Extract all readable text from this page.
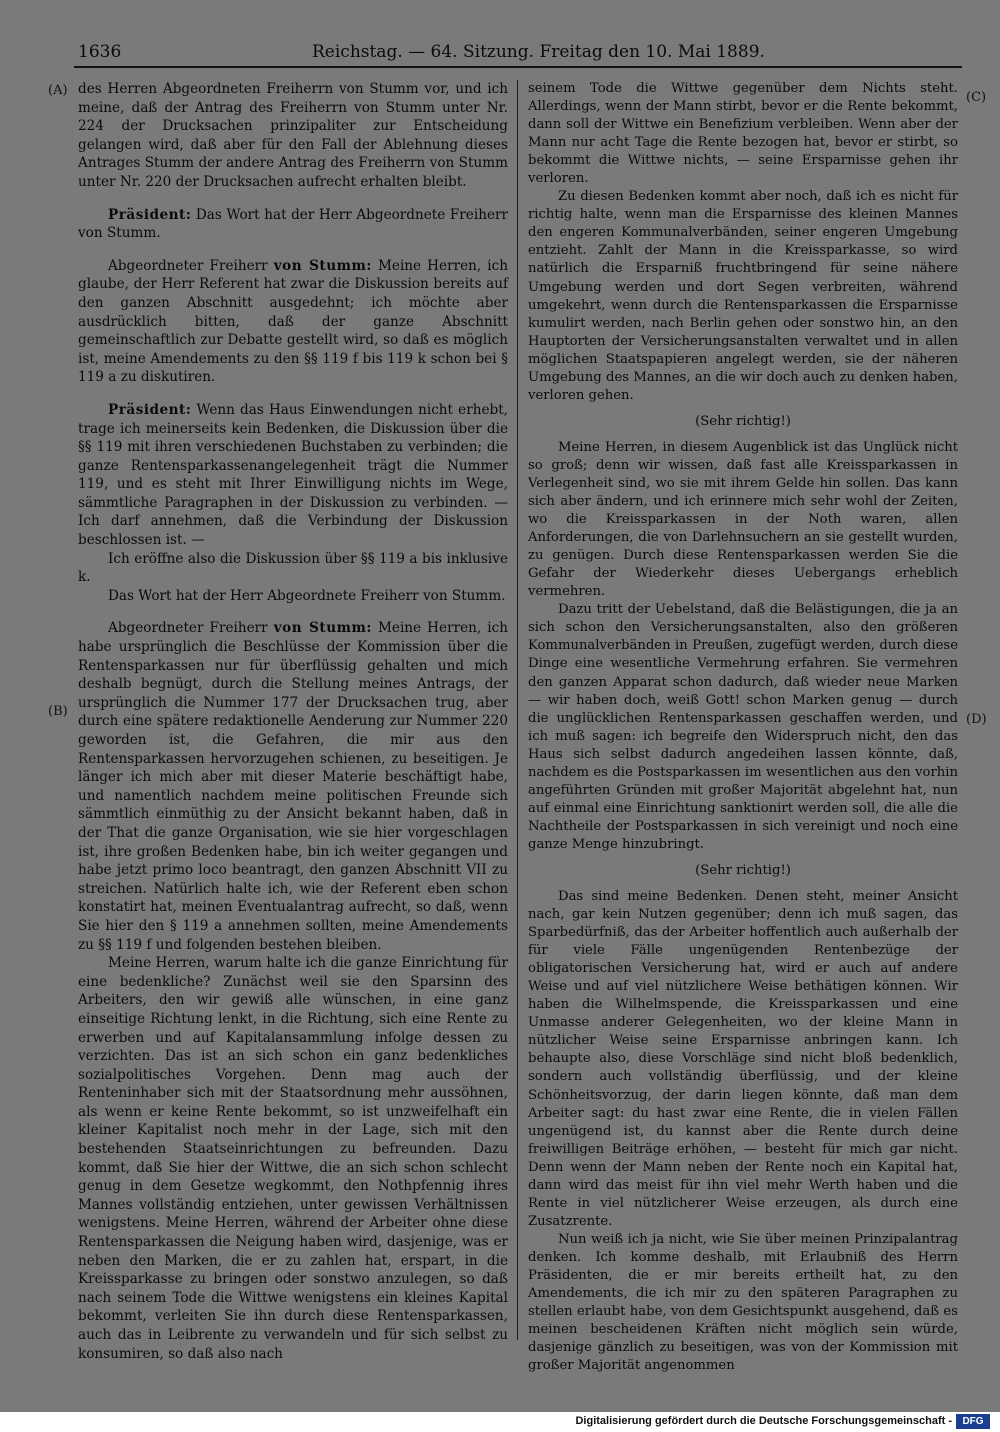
1636	Reichstag. — 64. Sitzung. Freitag den 10. Mai 1889.
(A)
(B)
(C)
(D)

des Herren Abgeordneten Freiherrn von Stumm vor, und ich meine, daß der Antrag des Freiherrn von Stumm unter Nr. 224 der Drucksachen prinzipaliter zur Entscheidung gelangen wird, daß aber für den Fall der Ablehnung dieses Antrages Stumm der andere Antrag des Freiherrn von Stumm unter Nr. 220 der Drucksachen aufrecht erhalten bleibt.

Präsident: Das Wort hat der Herr Abgeordnete Freiherr von Stumm.

Abgeordneter Freiherr von Stumm: Meine Herren, ich glaube, der Herr Referent hat zwar die Diskussion bereits auf den ganzen Abschnitt ausgedehnt; ich möchte aber ausdrücklich bitten, daß der ganze Abschnitt gemeinschaftlich zur Debatte gestellt wird, so daß es möglich ist, meine Amendements zu den §§ 119 f bis 119 k schon bei § 119 a zu diskutiren.

Präsident: Wenn das Haus Einwendungen nicht erhebt, trage ich meinerseits kein Bedenken, die Diskussion über die §§ 119 mit ihren verschiedenen Buchstaben zu verbinden; die ganze Rentensparkassenangelegenheit trägt die Nummer 119, und es steht mit Ihrer Einwilligung nichts im Wege, sämmtliche Paragraphen in der Diskussion zu verbinden. — Ich darf annehmen, daß die Verbindung der Diskussion beschlossen ist. —

Ich eröffne also die Diskussion über §§ 119 a bis inklusive k.

Das Wort hat der Herr Abgeordnete Freiherr von Stumm.

Abgeordneter Freiherr von Stumm: Meine Herren, ich habe ursprünglich die Beschlüsse der Kommission über die Rentensparkassen nur für überflüssig gehalten und mich deshalb begnügt, durch die Stellung meines Antrags, der ursprünglich die Nummer 177 der Drucksachen trug, aber durch eine spätere redaktionelle Aenderung zur Nummer 220 geworden ist, die Gefahren, die mir aus den Rentensparkassen hervorzugehen schienen, zu beseitigen. Je länger ich mich aber mit dieser Materie beschäftigt habe, und namentlich nachdem meine politischen Freunde sich sämmtlich einmüthig zu der Ansicht bekannt haben, daß in der That die ganze Organisation, wie sie hier vorgeschlagen ist, ihre großen Bedenken habe, bin ich weiter gegangen und habe jetzt primo loco beantragt, den ganzen Abschnitt VII zu streichen. Natürlich halte ich, wie der Referent eben schon konstatirt hat, meinen Eventualantrag aufrecht, so daß, wenn Sie hier den § 119 a annehmen sollten, meine Amendements zu §§ 119 f und folgenden bestehen bleiben.

Meine Herren, warum halte ich die ganze Einrichtung für eine bedenkliche? Zunächst weil sie den Sparsinn des Arbeiters, den wir gewiß alle wünschen, in eine ganz einseitige Richtung lenkt, in die Richtung, sich eine Rente zu erwerben und auf Kapitalansammlung infolge dessen zu verzichten. Das ist an sich schon ein ganz bedenkliches sozialpolitisches Vorgehen. Denn mag auch der Renteninhaber sich mit der Staatsordnung mehr aussöhnen, als wenn er keine Rente bekommt, so ist unzweifelhaft ein kleiner Kapitalist noch mehr in der Lage, sich mit den bestehenden Staatseinrichtungen zu befreunden. Dazu kommt, daß Sie hier der Wittwe, die an sich schon schlecht genug in dem Gesetze wegkommt, den Nothpfennig ihres Mannes vollständig entziehen, unter gewissen Verhältnissen wenigstens. Meine Herren, während der Arbeiter ohne diese Rentensparkassen die Neigung haben wird, dasjenige, was er neben den Marken, die er zu zahlen hat, erspart, in die Kreissparkasse zu bringen oder sonstwo anzulegen, so daß nach seinem Tode die Wittwe wenigstens ein kleines Kapital bekommt, verleiten Sie ihn durch diese Rentensparkassen, auch das in Leibrente zu verwandeln und für sich selbst zu konsumiren, so daß also nach

seinem Tode die Wittwe gegenüber dem Nichts steht. Allerdings, wenn der Mann stirbt, bevor er die Rente bekommt, dann soll der Wittwe ein Benefizium verbleiben. Wenn aber der Mann nur acht Tage die Rente bezogen hat, bevor er stirbt, so bekommt die Wittwe nichts, — seine Ersparnisse gehen ihr verloren.

Zu diesen Bedenken kommt aber noch, daß ich es nicht für richtig halte, wenn man die Ersparnisse des kleinen Mannes den engeren Kommunalverbänden, seiner engeren Umgebung entzieht. Zahlt der Mann in die Kreissparkasse, so wird natürlich die Ersparniß fruchtbringend für seine nähere Umgebung werden und dort Segen verbreiten, während umgekehrt, wenn durch die Rentensparkassen die Ersparnisse kumulirt werden, nach Berlin gehen oder sonstwo hin, an den Hauptorten der Versicherungsanstalten verwaltet und in allen möglichen Staatspapieren angelegt werden, sie der näheren Umgebung des Mannes, an die wir doch auch zu denken haben, verloren gehen.

(Sehr richtig!)

Meine Herren, in diesem Augenblick ist das Unglück nicht so groß; denn wir wissen, daß fast alle Kreissparkassen in Verlegenheit sind, wo sie mit ihrem Gelde hin sollen. Das kann sich aber ändern, und ich erinnere mich sehr wohl der Zeiten, wo die Kreissparkassen in der Noth waren, allen Anforderungen, die von Darlehnsuchern an sie gestellt wurden, zu genügen. Durch diese Rentensparkassen werden Sie die Gefahr der Wiederkehr dieses Uebergangs erheblich vermehren.

Dazu tritt der Uebelstand, daß die Belästigungen, die ja an sich schon den Versicherungsanstalten, also den größeren Kommunalverbänden in Preußen, zugefügt werden, durch diese Dinge eine wesentliche Vermehrung erfahren. Sie vermehren den ganzen Apparat schon dadurch, daß wieder neue Marken — wir haben doch, weiß Gott! schon Marken genug — durch die unglücklichen Rentensparkassen geschaffen werden, und ich muß sagen: ich begreife den Widerspruch nicht, den das Haus sich selbst dadurch angedeihen lassen könnte, daß, nachdem es die Postsparkassen im wesentlichen aus den vorhin angeführten Gründen mit großer Majorität abgelehnt hat, nun auf einmal eine Einrichtung sanktionirt werden soll, die alle die Nachtheile der Postsparkassen in sich vereinigt und noch eine ganze Menge hinzubringt.

(Sehr richtig!)

Das sind meine Bedenken. Denen steht, meiner Ansicht nach, gar kein Nutzen gegenüber; denn ich muß sagen, das Sparbedürfniß, das der Arbeiter hoffentlich auch außerhalb der für viele Fälle ungenügenden Rentenbezüge der obligatorischen Versicherung hat, wird er auch auf andere Weise und auf viel nützlichere Weise bethätigen können. Wir haben die Wilhelmspende, die Kreissparkassen und eine Unmasse anderer Gelegenheiten, wo der kleine Mann in nützlicher Weise seine Ersparnisse anbringen kann. Ich behaupte also, diese Vorschläge sind nicht bloß bedenklich, sondern auch vollständig überflüssig, und der kleine Schönheitsvorzug, der darin liegen könnte, daß man dem Arbeiter sagt: du hast zwar eine Rente, die in vielen Fällen ungenügend ist, du kannst aber die Rente durch deine freiwilligen Beiträge erhöhen, — besteht für mich gar nicht. Denn wenn der Mann neben der Rente noch ein Kapital hat, dann wird das meist für ihn viel mehr Werth haben und die Rente in viel nützlicherer Weise erzeugen, als durch eine Zusatzrente.

Nun weiß ich ja nicht, wie Sie über meinen Prinzipalantrag denken. Ich komme deshalb, mit Erlaubniß des Herrn Präsidenten, die er mir bereits ertheilt hat, zu den Amendements, die ich mir zu den späteren Paragraphen zu stellen erlaubt habe, von dem Gesichtspunkt ausgehend, daß es meinen bescheidenen Kräften nicht möglich sein würde, dasjenige gänzlich zu beseitigen, was von der Kommission mit großer Majorität angenommen

Digitalisierung gefördert durch die Deutsche Forschungsgemeinschaft -	DFG
